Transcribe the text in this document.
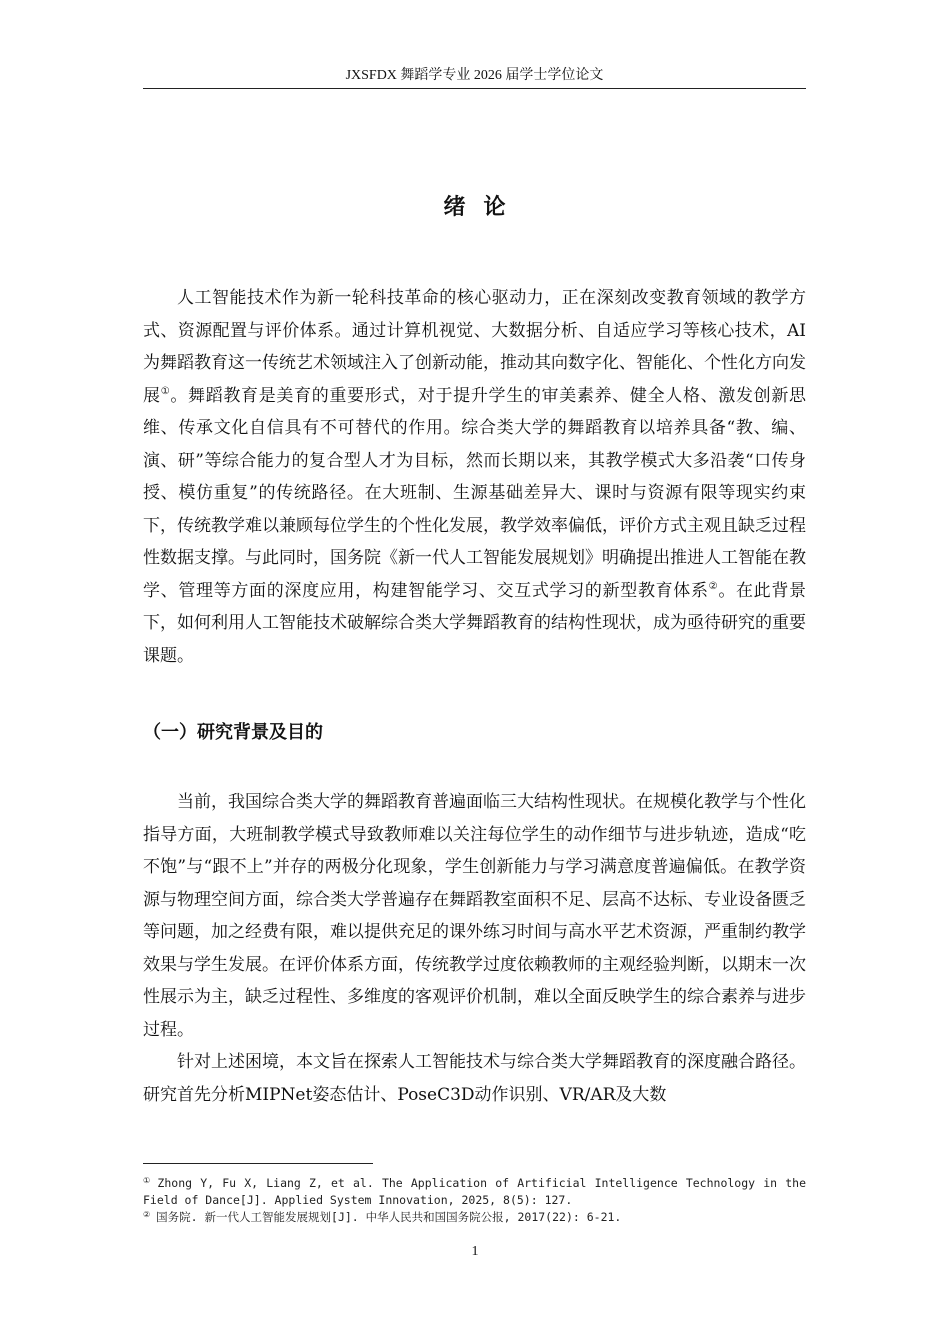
JXSFDX 舞蹈学专业 2026 届学士学位论文
绪论

人工智能技术作为新一轮科技革命的核心驱动力，正在深刻改变教育领域的教学方式、资源配置与评价体系。通过计算机视觉、大数据分析、自适应学习等核心技术，AI为舞蹈教育这一传统艺术领域注入了创新动能，推动其向数字化、智能化、个性化方向发展①。舞蹈教育是美育的重要形式，对于提升学生的审美素养、健全人格、激发创新思维、传承文化自信具有不可替代的作用。综合类大学的舞蹈教育以培养具备“教、编、演、研”等综合能力的复合型人才为目标，然而长期以来，其教学模式大多沿袭“口传身授、模仿重复”的传统路径。在大班制、生源基础差异大、课时与资源有限等现实约束下，传统教学难以兼顾每位学生的个性化发展，教学效率偏低，评价方式主观且缺乏过程性数据支撑。与此同时，国务院《新一代人工智能发展规划》明确提出推进人工智能在教学、管理等方面的深度应用，构建智能学习、交互式学习的新型教育体系②。在此背景下，如何利用人工智能技术破解综合类大学舞蹈教育的结构性现状，成为亟待研究的重要课题。

（一）研究背景及目的

当前，我国综合类大学的舞蹈教育普遍面临三大结构性现状。在规模化教学与个性化指导方面，大班制教学模式导致教师难以关注每位学生的动作细节与进步轨迹，造成“吃不饱”与“跟不上”并存的两极分化现象，学生创新能力与学习满意度普遍偏低。在教学资源与物理空间方面，综合类大学普遍存在舞蹈教室面积不足、层高不达标、专业设备匮乏等问题，加之经费有限，难以提供充足的课外练习时间与高水平艺术资源，严重制约教学效果与学生发展。在评价体系方面，传统教学过度依赖教师的主观经验判断，以期末一次性展示为主，缺乏过程性、多维度的客观评价机制，难以全面反映学生的综合素养与进步过程。

针对上述困境，本文旨在探索人工智能技术与综合类大学舞蹈教育的深度融合路径。研究首先分析MIPNet姿态估计、PoseC3D动作识别、VR/AR及大数

① Zhong Y, Fu X, Liang Z, et al. The Application of Artificial Intelligence Technology in the Field of Dance[J]. Applied System Innovation, 2025, 8(5): 127.

② 国务院. 新一代人工智能发展规划[J]. 中华人民共和国国务院公报, 2017(22): 6-21.

1
